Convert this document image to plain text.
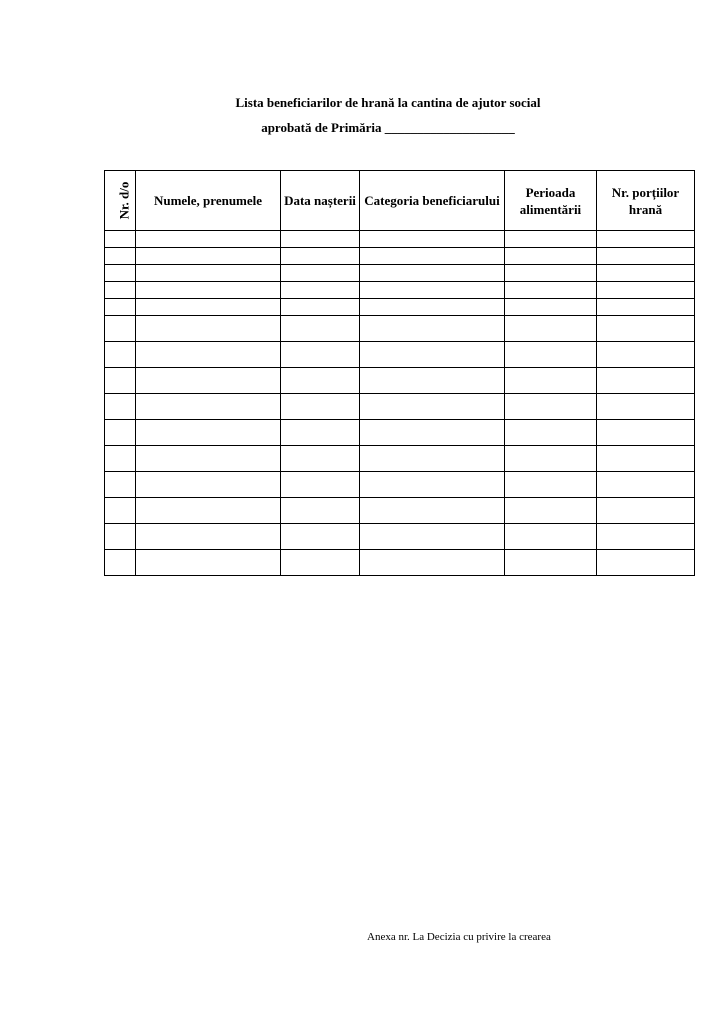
Lista beneficiarilor de hrană la cantina de ajutor social
aprobată de Primăria ____________________
Nr. d/o	Numele, prenumele	Data nașterii	Categoria beneficiarului	Perioada alimentării	Nr. porțiilor hrană

Anexa nr. La Decizia cu privire la crearea
